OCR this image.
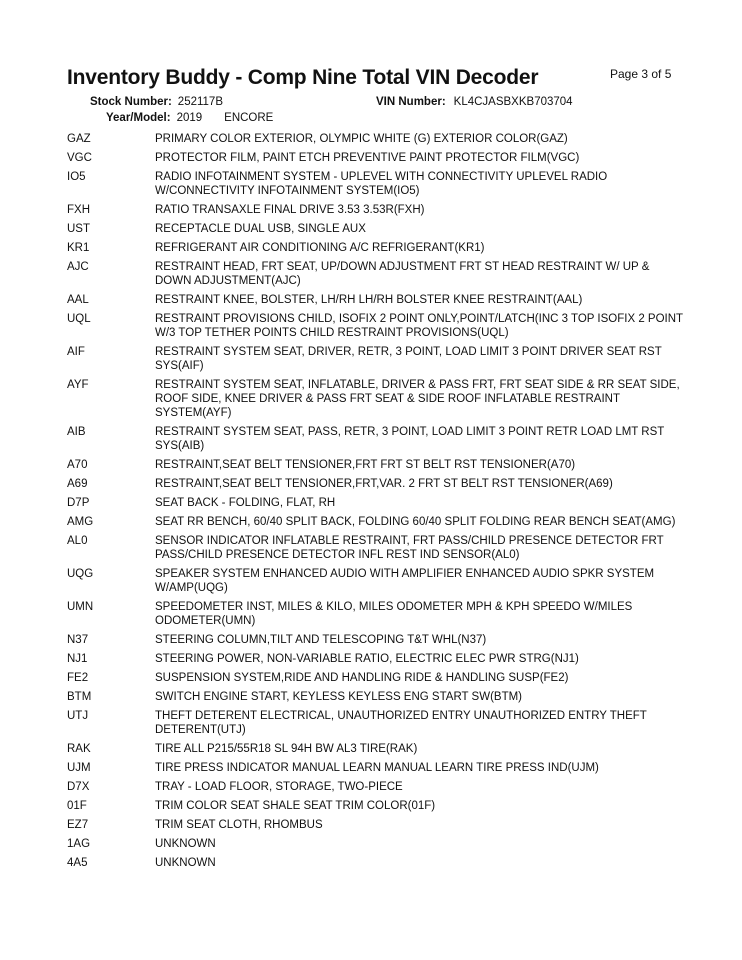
Inventory Buddy - Comp Nine Total VIN Decoder	Page 3 of 5
Stock Number: 252117B	VIN Number: KL4CJASBXKB703704
Year/Model: 2019 ENCORE
GAZ	PRIMARY COLOR EXTERIOR, OLYMPIC WHITE (G) EXTERIOR COLOR(GAZ)
VGC	PROTECTOR FILM, PAINT ETCH PREVENTIVE PAINT PROTECTOR FILM(VGC)
IO5	RADIO INFOTAINMENT SYSTEM - UPLEVEL WITH CONNECTIVITY UPLEVEL RADIO W/CONNECTIVITY INFOTAINMENT SYSTEM(IO5)
FXH	RATIO TRANSAXLE FINAL DRIVE 3.53 3.53R(FXH)
UST	RECEPTACLE DUAL USB, SINGLE AUX
KR1	REFRIGERANT AIR CONDITIONING A/C REFRIGERANT(KR1)
AJC	RESTRAINT HEAD, FRT SEAT, UP/DOWN ADJUSTMENT FRT ST HEAD RESTRAINT W/ UP & DOWN ADJUSTMENT(AJC)
AAL	RESTRAINT KNEE, BOLSTER, LH/RH LH/RH BOLSTER KNEE RESTRAINT(AAL)
UQL	RESTRAINT PROVISIONS CHILD, ISOFIX 2 POINT ONLY,POINT/LATCH(INC 3 TOP ISOFIX 2 POINT W/3 TOP TETHER POINTS CHILD RESTRAINT PROVISIONS(UQL)
AIF	RESTRAINT SYSTEM SEAT, DRIVER, RETR, 3 POINT, LOAD LIMIT 3 POINT DRIVER SEAT RST SYS(AIF)
AYF	RESTRAINT SYSTEM SEAT, INFLATABLE, DRIVER & PASS FRT, FRT SEAT SIDE & RR SEAT SIDE, ROOF SIDE, KNEE DRIVER & PASS FRT SEAT & SIDE ROOF INFLATABLE RESTRAINT SYSTEM(AYF)
AIB	RESTRAINT SYSTEM SEAT, PASS, RETR, 3 POINT, LOAD LIMIT 3 POINT RETR LOAD LMT RST SYS(AIB)
A70	RESTRAINT,SEAT BELT TENSIONER,FRT FRT ST BELT RST TENSIONER(A70)
A69	RESTRAINT,SEAT BELT TENSIONER,FRT,VAR. 2 FRT ST BELT RST TENSIONER(A69)
D7P	SEAT BACK - FOLDING, FLAT, RH
AMG	SEAT RR BENCH, 60/40 SPLIT BACK, FOLDING 60/40 SPLIT FOLDING REAR BENCH SEAT(AMG)
AL0	SENSOR INDICATOR INFLATABLE RESTRAINT, FRT PASS/CHILD PRESENCE DETECTOR FRT PASS/CHILD PRESENCE DETECTOR INFL REST IND SENSOR(AL0)
UQG	SPEAKER SYSTEM ENHANCED AUDIO WITH AMPLIFIER ENHANCED AUDIO SPKR SYSTEM W/AMP(UQG)
UMN	SPEEDOMETER INST, MILES & KILO, MILES ODOMETER MPH & KPH SPEEDO W/MILES ODOMETER(UMN)
N37	STEERING COLUMN,TILT AND TELESCOPING T&T WHL(N37)
NJ1	STEERING POWER, NON-VARIABLE RATIO, ELECTRIC ELEC PWR STRG(NJ1)
FE2	SUSPENSION SYSTEM,RIDE AND HANDLING RIDE & HANDLING SUSP(FE2)
BTM	SWITCH ENGINE START, KEYLESS KEYLESS ENG START SW(BTM)
UTJ	THEFT DETERENT ELECTRICAL, UNAUTHORIZED ENTRY UNAUTHORIZED ENTRY THEFT DETERENT(UTJ)
RAK	TIRE ALL P215/55R18 SL 94H BW AL3 TIRE(RAK)
UJM	TIRE PRESS INDICATOR MANUAL LEARN MANUAL LEARN TIRE PRESS IND(UJM)
D7X	TRAY - LOAD FLOOR, STORAGE, TWO-PIECE
01F	TRIM COLOR SEAT SHALE SEAT TRIM COLOR(01F)
EZ7	TRIM SEAT CLOTH, RHOMBUS
1AG	UNKNOWN
4A5	UNKNOWN
